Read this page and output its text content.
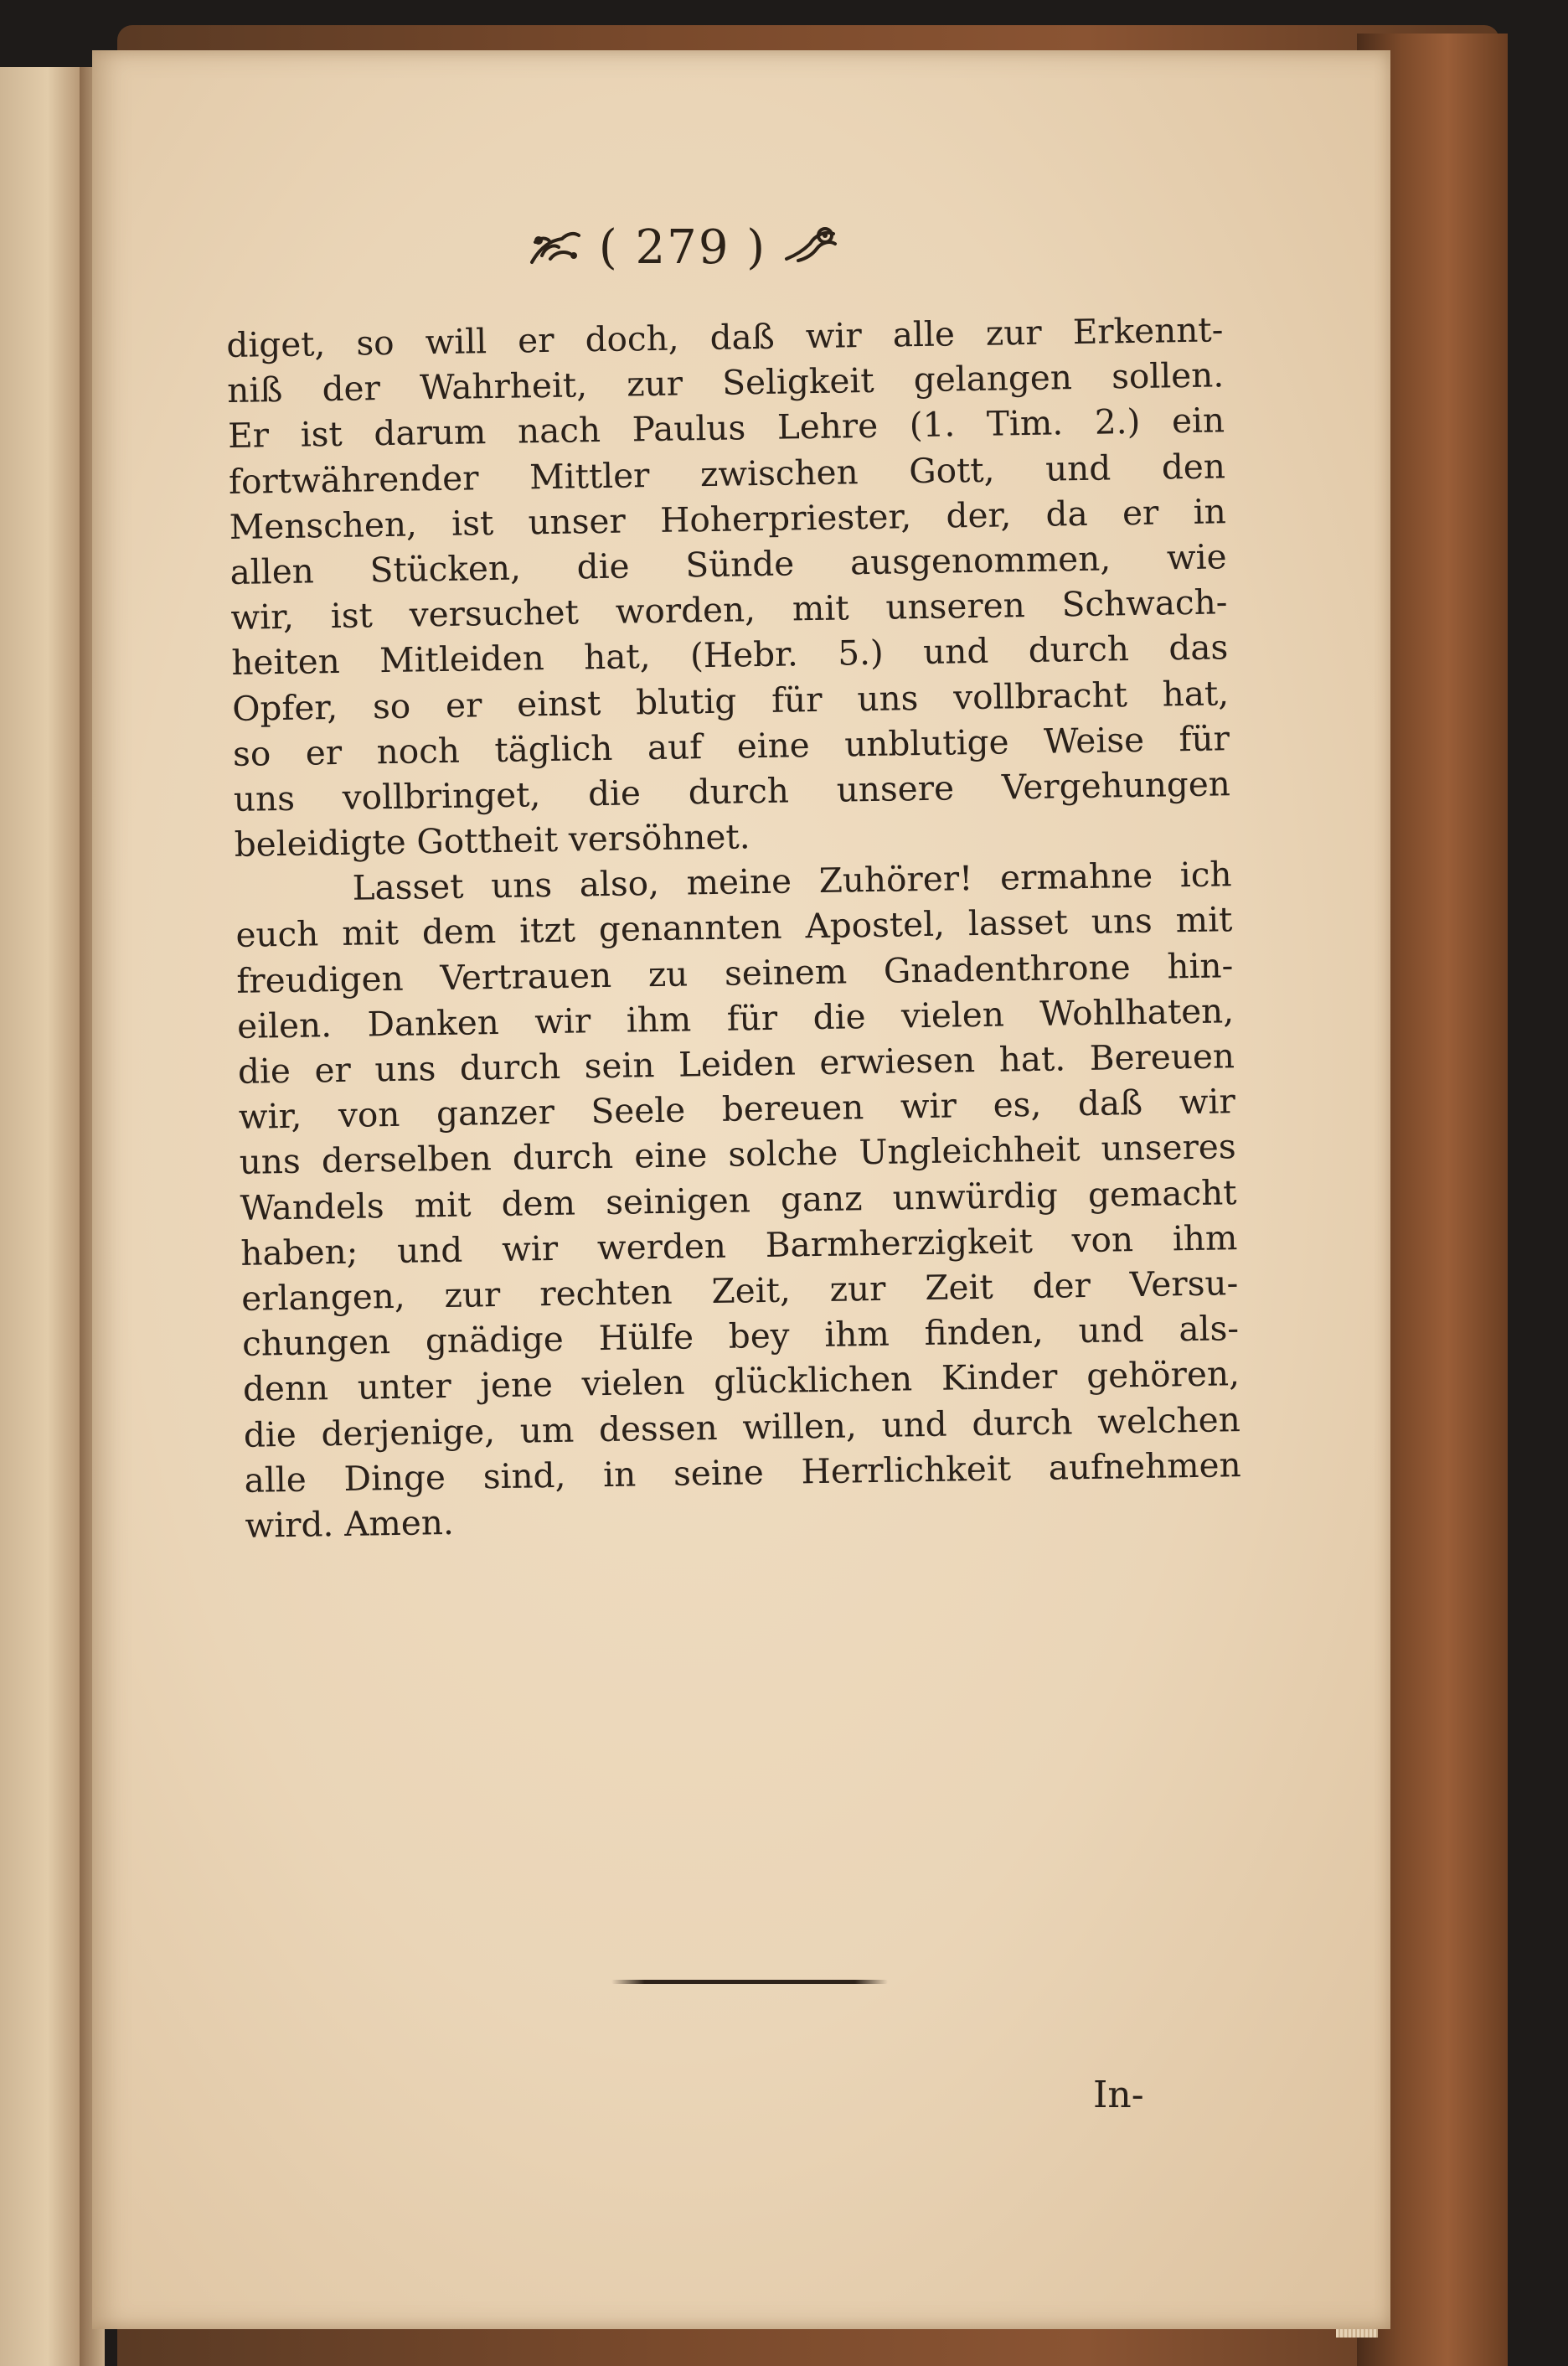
( 279 )
diget, so will er doch, daß wir alle zur Erkennt-
niß der Wahrheit, zur Seligkeit gelangen sollen.
Er ist darum nach Paulus Lehre (1. Tim. 2.) ein
fortwährender Mittler zwischen Gott, und den
Menschen, ist unser Hoherpriester, der, da er in
allen Stücken, die Sünde ausgenommen, wie
wir, ist versuchet worden, mit unseren Schwach-
heiten Mitleiden hat, (Hebr. 5.) und durch das
Opfer, so er einst blutig für uns vollbracht hat,
so er noch täglich auf eine unblutige Weise für
uns vollbringet, die durch unsere Vergehungen
beleidigte Gottheit versöhnet.
Lasset uns also, meine Zuhörer! ermahne ich
euch mit dem itzt genannten Apostel, lasset uns mit
freudigen Vertrauen zu seinem Gnadenthrone hin-
eilen. Danken wir ihm für die vielen Wohlhaten,
die er uns durch sein Leiden erwiesen hat. Bereuen
wir, von ganzer Seele bereuen wir es, daß wir
uns derselben durch eine solche Ungleichheit unseres
Wandels mit dem seinigen ganz unwürdig gemacht
haben; und wir werden Barmherzigkeit von ihm
erlangen, zur rechten Zeit, zur Zeit der Versu-
chungen gnädige Hülfe bey ihm finden, und als-
denn unter jene vielen glücklichen Kinder gehören,
die derjenige, um dessen willen, und durch welchen
alle Dinge sind, in seine Herrlichkeit aufnehmen
wird. Amen.
In-
